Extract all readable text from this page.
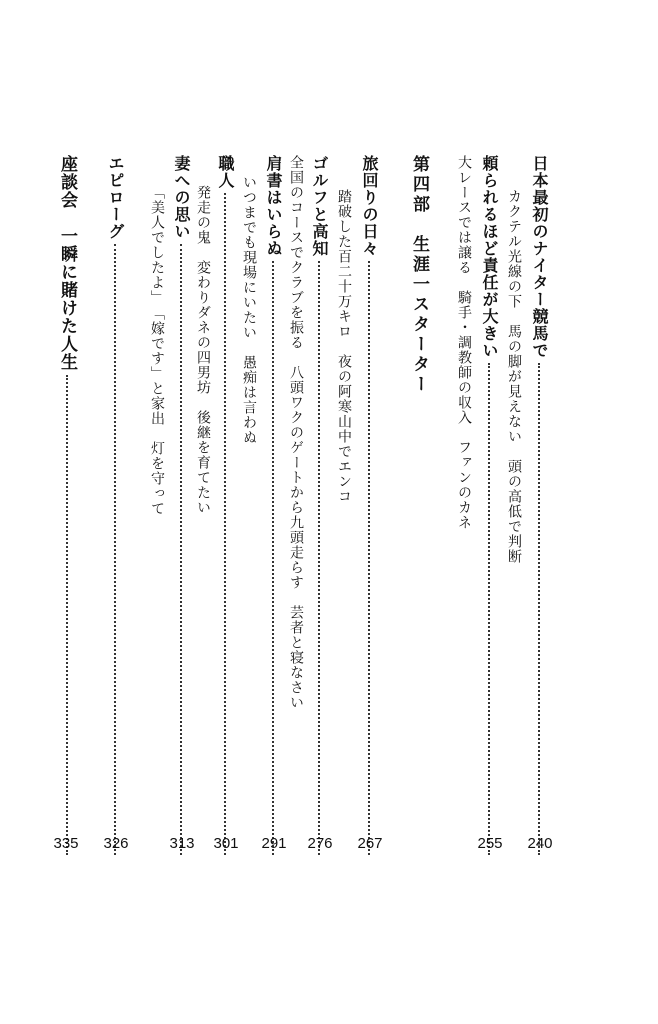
日本最初のナイター競馬で
カクテル光線の下　馬の脚が見えない　頭の高低で判断
240
頼られるほど責任が大きい
大レースでは譲る　騎手・調教師の収入　ファンのカネ
255
第四部　生涯一スターター
旅回りの日々
踏破した百二十万キロ　夜の阿寒山中でエンコ
267
ゴルフと高知
全国のコースでクラブを振る　八頭ワクのゲートから九頭走らす　芸者と寝なさい
276
肩書はいらぬ
いつまでも現場にいたい　愚痴は言わぬ
291
職人
発走の鬼　変わりダネの四男坊　後継を育てたい
301
妻への思い
「美人でしたよ」　「嫁です」と家出　灯を守って
313
エピローグ
326
座談会　一瞬に賭けた人生
335
